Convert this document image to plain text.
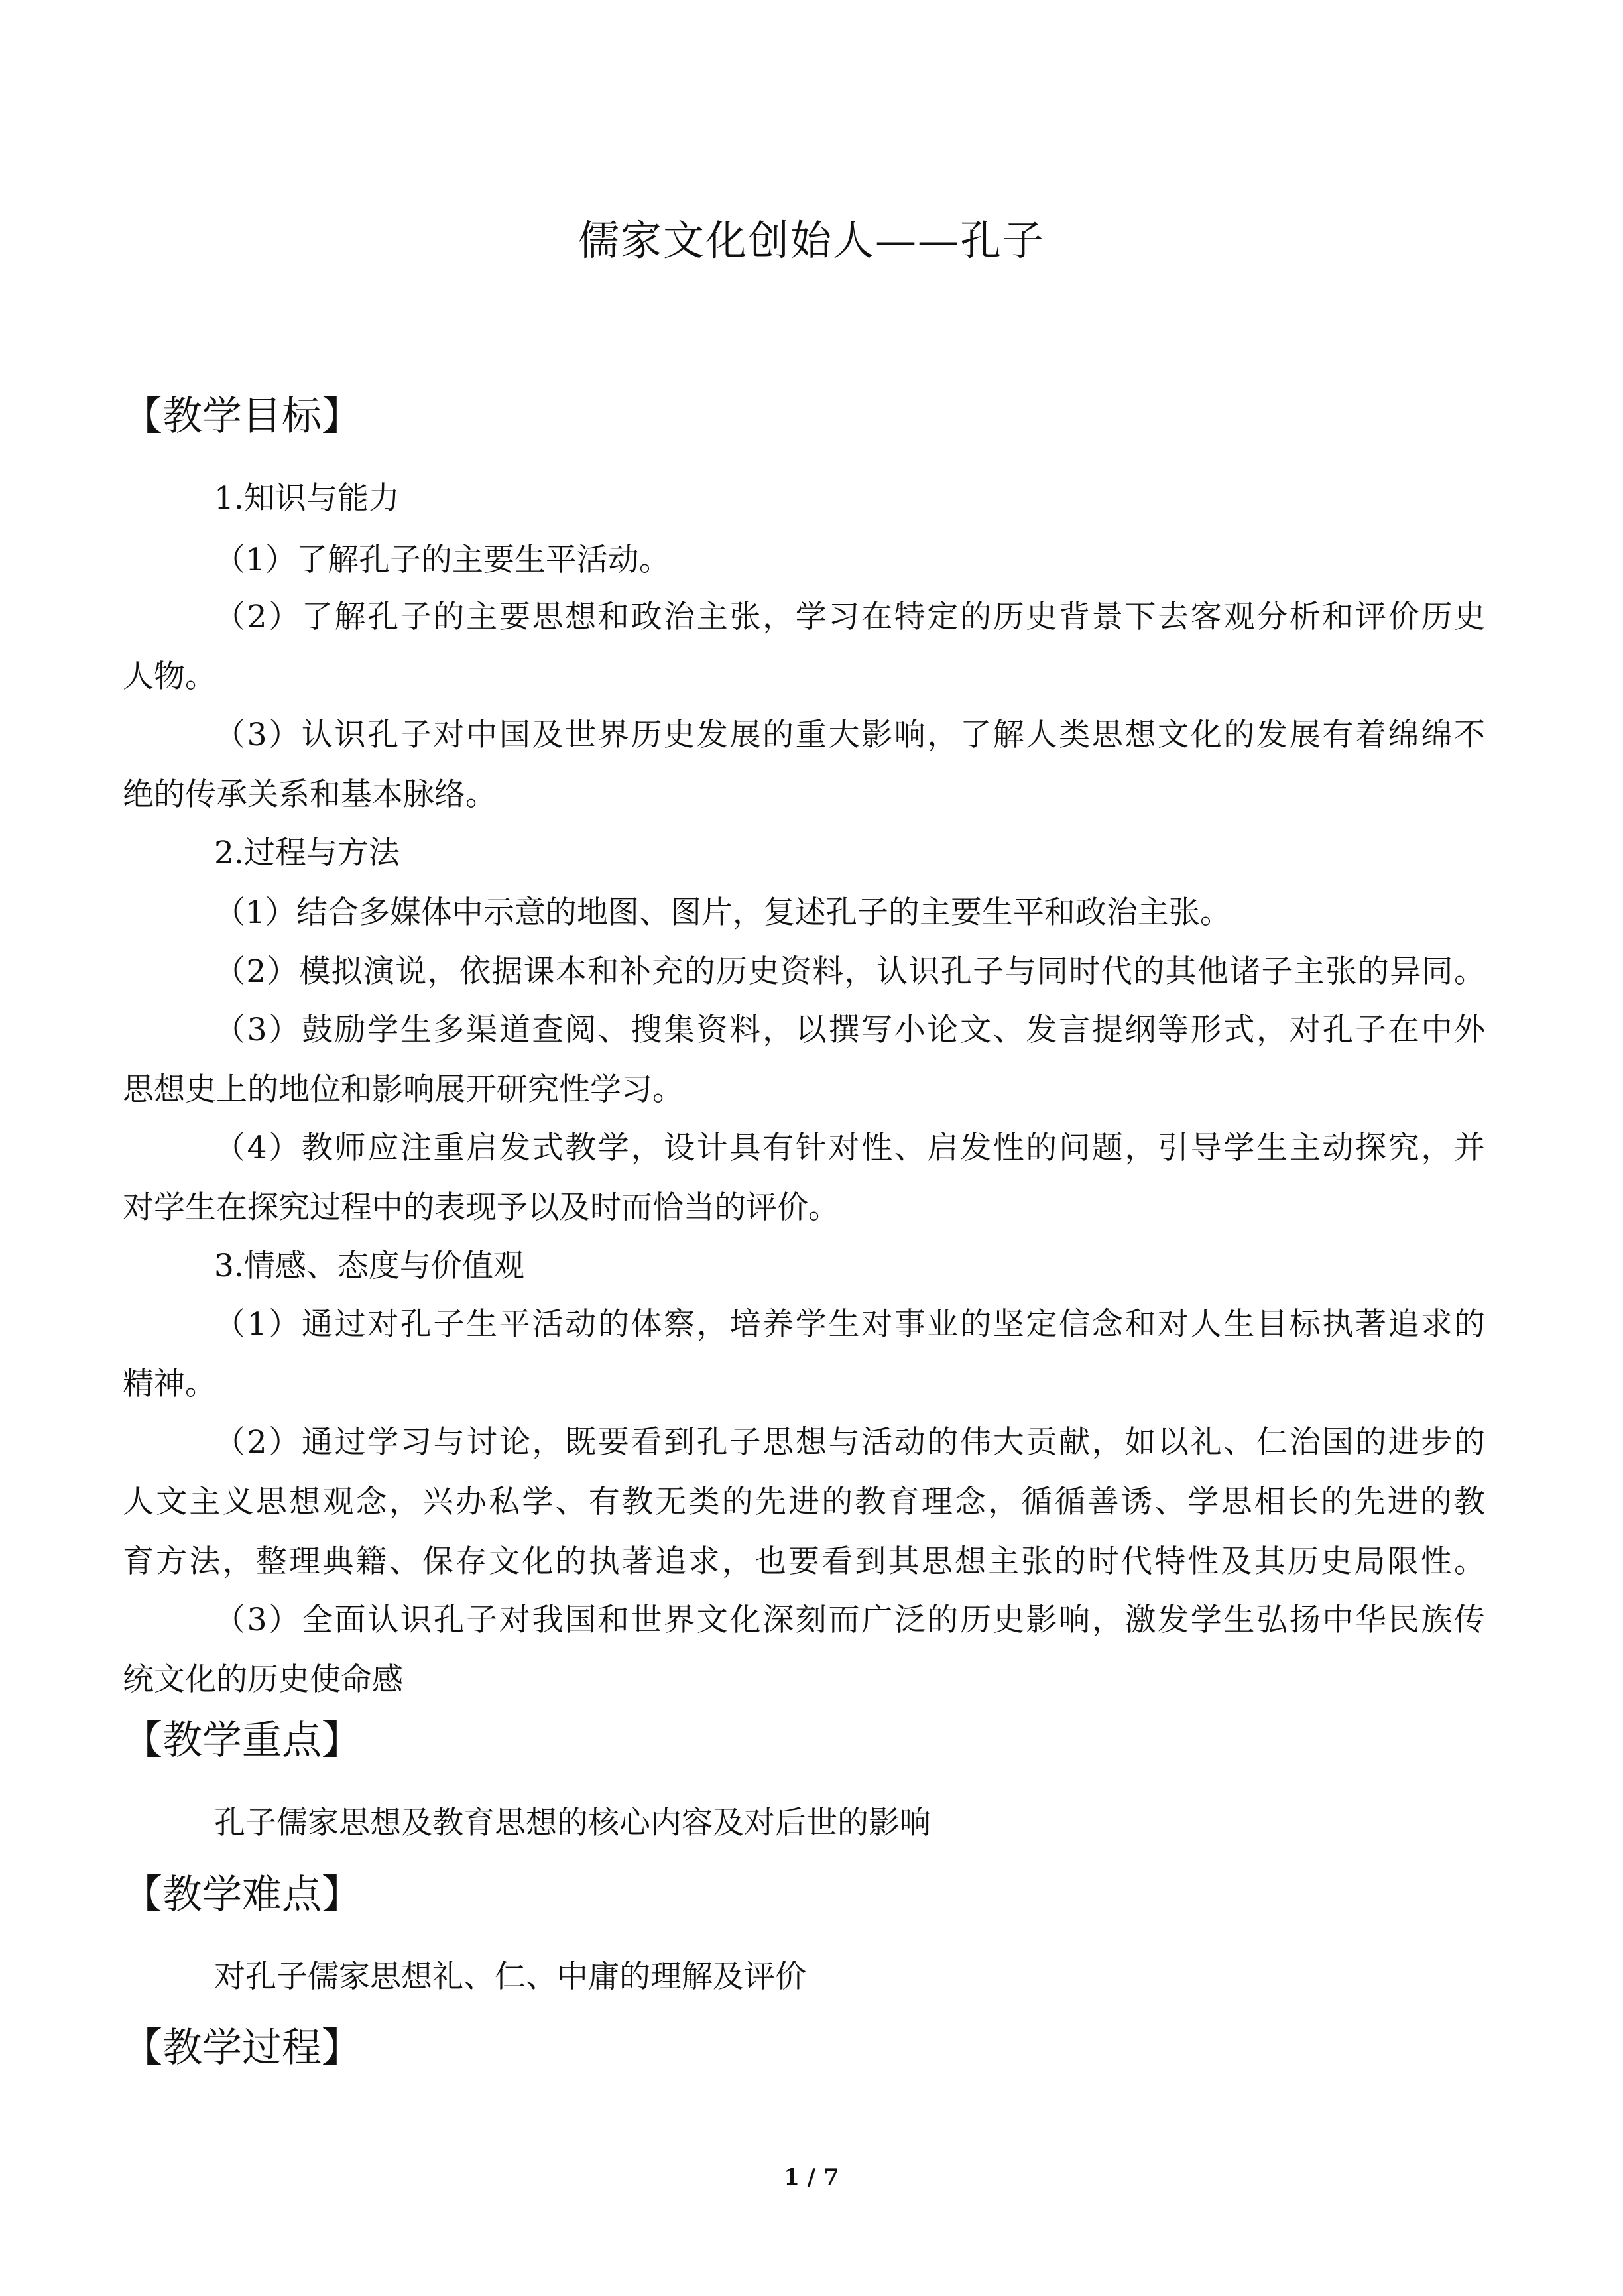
儒家文化创始人——孔子
【教学目标】
1.知识与能力
（1）了解孔子的主要生平活动。
（2）了解孔子的主要思想和政治主张，学习在特定的历史背景下去客观分析和评价历史
人物。
（3）认识孔子对中国及世界历史发展的重大影响，了解人类思想文化的发展有着绵绵不
绝的传承关系和基本脉络。
2.过程与方法
（1）结合多媒体中示意的地图、图片，复述孔子的主要生平和政治主张。
（2）模拟演说，依据课本和补充的历史资料，认识孔子与同时代的其他诸子主张的异同。
（3）鼓励学生多渠道查阅、搜集资料，以撰写小论文、发言提纲等形式，对孔子在中外
思想史上的地位和影响展开研究性学习。
（4）教师应注重启发式教学，设计具有针对性、启发性的问题，引导学生主动探究，并
对学生在探究过程中的表现予以及时而恰当的评价。
3.情感、态度与价值观
（1）通过对孔子生平活动的体察，培养学生对事业的坚定信念和对人生目标执著追求的
精神。
（2）通过学习与讨论，既要看到孔子思想与活动的伟大贡献，如以礼、仁治国的进步的
人文主义思想观念，兴办私学、有教无类的先进的教育理念，循循善诱、学思相长的先进的教
育方法，整理典籍、保存文化的执著追求，也要看到其思想主张的时代特性及其历史局限性。
（3）全面认识孔子对我国和世界文化深刻而广泛的历史影响，激发学生弘扬中华民族传
统文化的历史使命感
【教学重点】
孔子儒家思想及教育思想的核心内容及对后世的影响
【教学难点】
对孔子儒家思想礼、仁、中庸的理解及评价
【教学过程】
1 / 7
